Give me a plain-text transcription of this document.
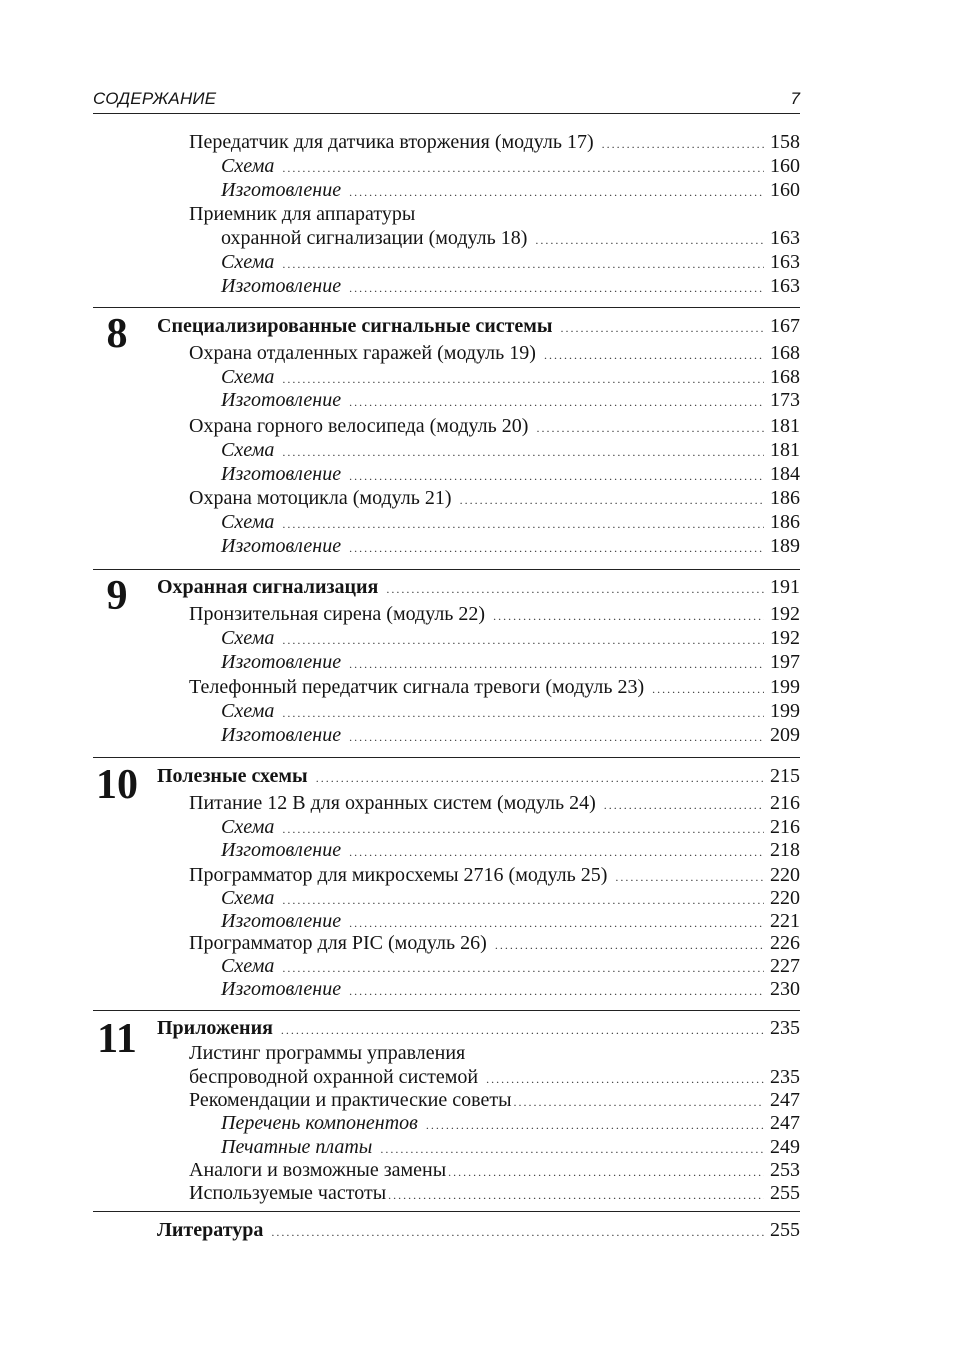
СОДЕРЖАНИЕ	7
Передатчик для датчика вторжения (модуль 17) .....	158
Схема .....	160
Изготовление .....	160
Приемник для аппаратуры
охранной сигнализации (модуль 18) .....	163
Схема .....	163
Изготовление .....	163
8	Специализированные сигнальные системы .....	167
Охрана отдаленных гаражей (модуль 19) .....	168
Схема .....	168
Изготовление .....	173
Охрана горного велосипеда (модуль 20) .....	181
Схема .....	181
Изготовление .....	184
Охрана мотоцикла (модуль 21) .....	186
Схема .....	186
Изготовление .....	189
9	Охранная сигнализация .....	191
Пронзительная сирена (модуль 22) .....	192
Схема .....	192
Изготовление .....	197
Телефонный передатчик сигнала тревоги (модуль 23) .....	199
Схема .....	199
Изготовление .....	209
10 Полезные схемы .....	215
Питание 12 В для охранных систем (модуль 24) .....	216
Схема .....	216
Изготовление .....	218
Программатор для микросхемы 2716 (модуль 25) .....	220
Схема .....	220
Изготовление .....	221
Программатор для PIC (модуль 26) .....	226
Схема .....	227
Изготовление .....	230
11 Приложения .....	235
Листинг программы управления
беспроводной охранной системой .....	235
Рекомендации и практические советы .....	247
Перечень компонентов .....	247
Печатные платы .....	249
Аналоги и возможные замены .....	253
Используемые частоты .....	255
Литература .....	255
